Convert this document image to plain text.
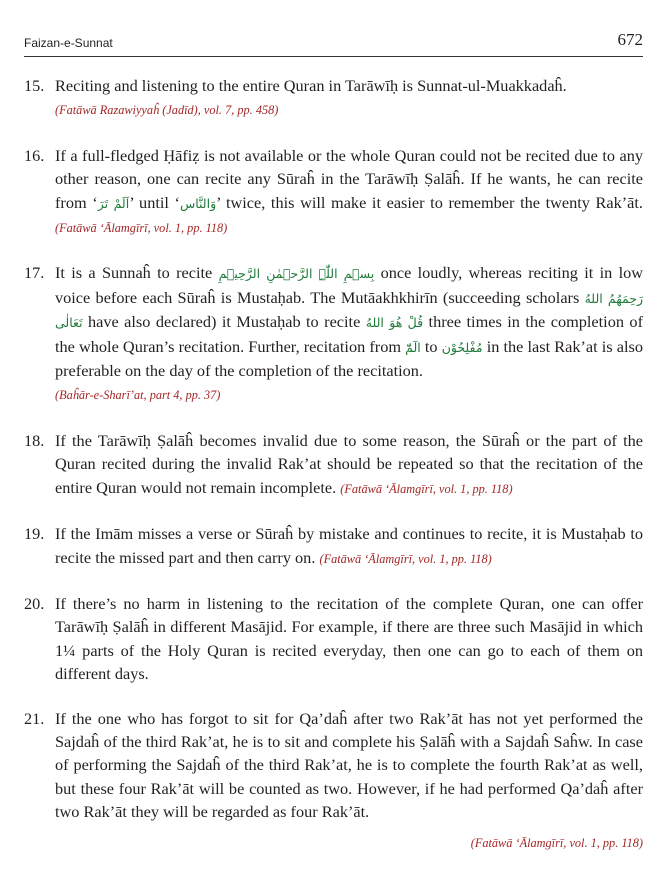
Faizan-e-Sunnat	672
15. Reciting and listening to the entire Quran in Tarāwīḥ is Sunnat-ul-Muakkadaĥ.
(Fatāwā Razawiyyaĥ (Jadīd), vol. 7, pp. 458)
16. If a full-fledged Ḥāfiẓ is not available or the whole Quran could not be recited due to any other reason, one can recite any Sūraĥ in the Tarāwīḥ Ṣalāĥ. If he wants, he can recite from ‘اَلَمْ تَرَ’ until ‘وَالنَّاس’ twice, this will make it easier to remember the twenty Rak’āt. (Fatāwā ‘Ālamgīrī, vol. 1, pp. 118)
17. It is a Sunnaĥ to recite بِسۡمِ اللّٰہِ الرَّحۡمٰنِ الرَّحِیۡمِ once loudly, whereas reciting it in low voice before each Sūraĥ is Mustaḥab. The Mutāakhkhirīn (succeeding scholars رَحِمَهُمُ اللهُ تَعَالٰى have also declared) it Mustaḥab to recite قُلْ هُوَ اللهُ three times in the completion of the whole Quran’s recitation. Further, recitation from الٓمّٓ to مُفْلِحُوْن in the last Rak’at is also preferable on the day of the completion of the recitation.
(Baĥār-e-Sharī’at, part 4, pp. 37)
18. If the Tarāwīḥ Ṣalāĥ becomes invalid due to some reason, the Sūraĥ or the part of the Quran recited during the invalid Rak’at should be repeated so that the recitation of the entire Quran would not remain incomplete. (Fatāwā ‘Ālamgīrī, vol. 1, pp. 118)
19. If the Imām misses a verse or Sūraĥ by mistake and continues to recite, it is Mustaḥab to recite the missed part and then carry on. (Fatāwā ‘Ālamgīrī, vol. 1, pp. 118)
20. If there’s no harm in listening to the recitation of the complete Quran, one can offer Tarāwīḥ Ṣalāĥ in different Masājid. For example, if there are three such Masājid in which 1¼ parts of the Holy Quran is recited everyday, then one can go to each of them on different days.
21. If the one who has forgot to sit for Qa’daĥ after two Rak’āt has not yet performed the Sajdaĥ of the third Rak’at, he is to sit and complete his Ṣalāĥ with a Sajdaĥ Saĥw. In case of performing the Sajdaĥ of the third Rak’at, he is to complete the fourth Rak’at as well, but these four Rak’āt will be counted as two. However, if he had performed Qa’daĥ after two Rak’āt they will be regarded as four Rak’āt.
(Fatāwā ‘Ālamgīrī, vol. 1, pp. 118)
